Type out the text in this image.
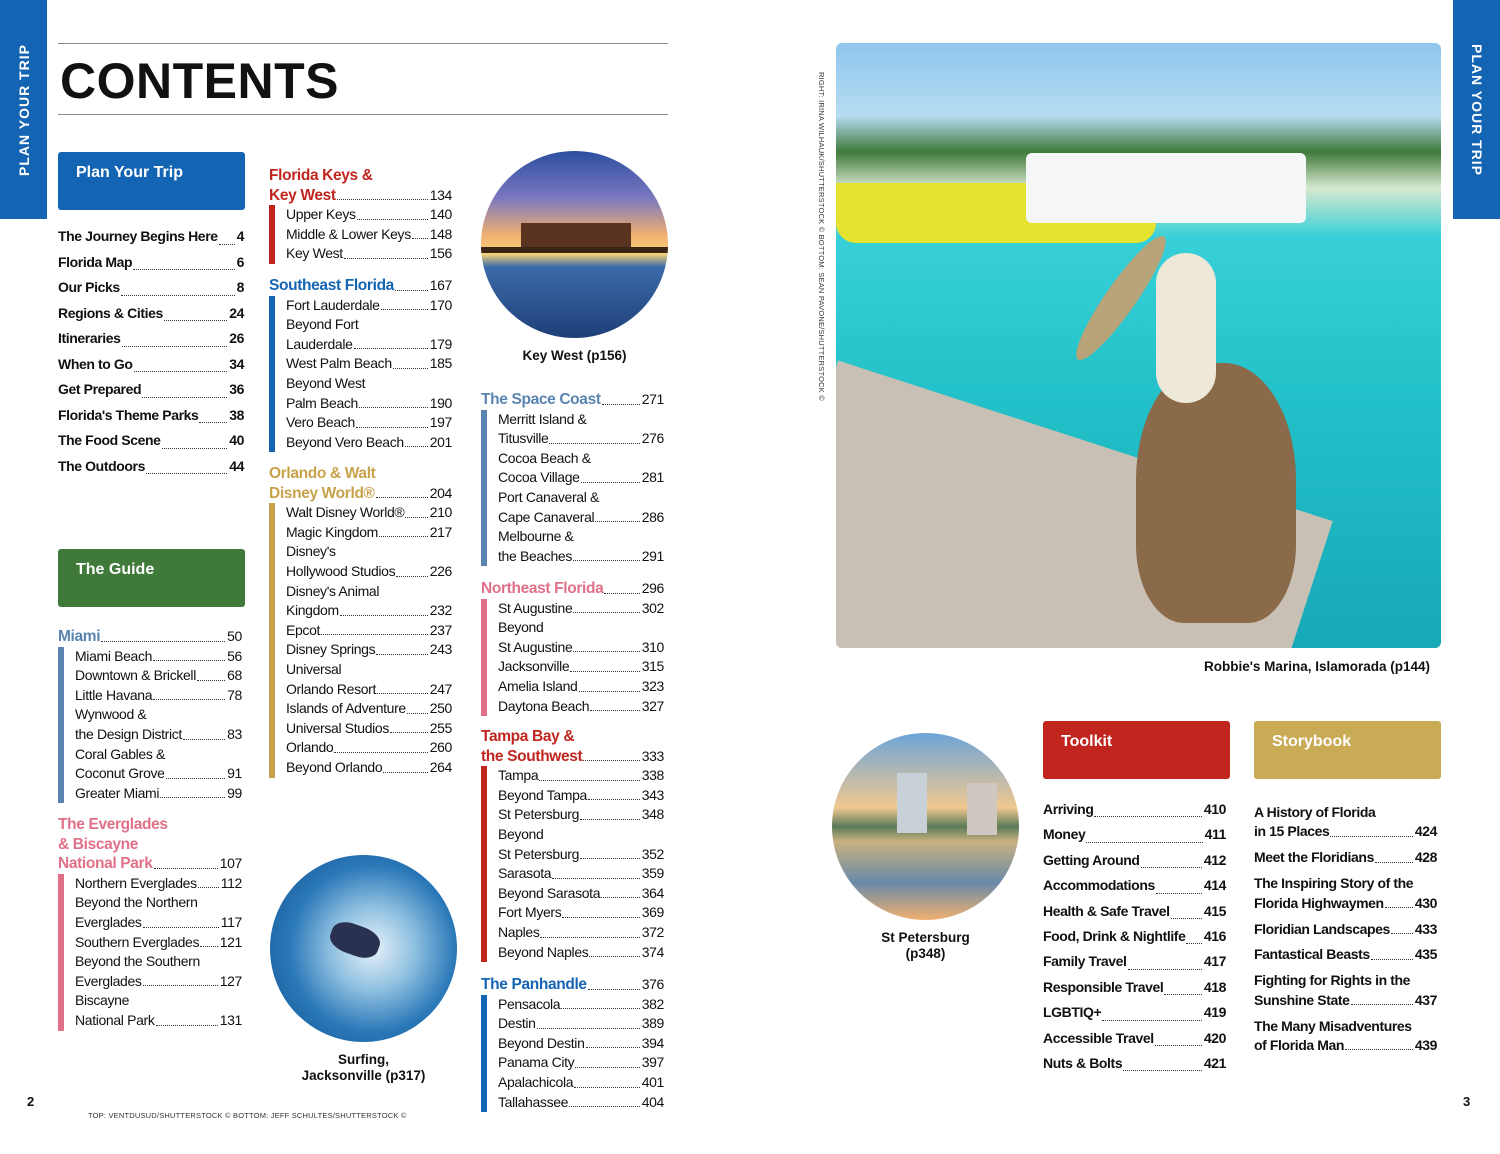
PLAN YOUR TRIP	PLAN YOUR TRIP
CONTENTS
Plan Your Trip
The Journey Begins Here 4
Florida Map	6
Our Picks	8
Regions & Cities	24
Itineraries	26
When to Go	34
Get Prepared	36
Florida's Theme Parks 38
The Food Scene	40
The Outdoors	44
The Guide
Miami	50
Miami Beach	56
Downtown & Brickell 68
Little Havana	78
Wynwood &
the Design District	83
Coral Gables &
Coconut Grove	91
Greater Miami	99
The Everglades
& Biscayne
National Park	107
Northern Everglades 112
Beyond the Northern
Everglades	117
Southern Everglades 121
Beyond the Southern
Everglades	127
Biscayne
National Park	131
Florida Keys &
Key West	134
Upper Keys	140
Middle & Lower Keys 148
Key West	156
Southeast Florida	167
Fort Lauderdale	170
Beyond Fort
Lauderdale	179
West Palm Beach	185
Beyond West
Palm Beach	190
Vero Beach	197
Beyond Vero Beach 201
Orlando & Walt
Disney World®	204
Walt Disney World® 210
Magic Kingdom	217
Disney's
Hollywood Studios 226
Disney's Animal
Kingdom	232
Epcot	237
Disney Springs	243
Universal
Orlando Resort	247
Islands of Adventure 250
Universal Studios	255
Orlando	260
Beyond Orlando	264
The Space Coast	271
Merritt Island &
Titusville	276
Cocoa Beach &
Cocoa Village	281
Port Canaveral &
Cape Canaveral	286
Melbourne &
the Beaches	291
Northeast Florida	296
St Augustine	302
Beyond
St Augustine	310
Jacksonville	315
Amelia Island	323
Daytona Beach	327
Tampa Bay &
the Southwest	333
Tampa	338
Beyond Tampa	343
St Petersburg	348
Beyond
St Petersburg	352
Sarasota	359
Beyond Sarasota	364
Fort Myers	369
Naples	372
Beyond Naples	374
The Panhandle	376
Pensacola	382
Destin	389
Beyond Destin	394
Panama City	397
Apalachicola	401
Tallahassee	404
Key West (p156)
Surfing,
Jacksonville (p317)
TOP: VENTDUSUD/SHUTTERSTOCK © BOTTOM: JEFF SCHULTES/SHUTTERSTOCK ©
RIGHT: IRINA WILHAUK/SHUTTERSTOCK © BOTTOM: SEAN PAVONE/SHUTTERSTOCK ©
Robbie's Marina, Islamorada (p144)
St Petersburg
(p348)
Toolkit
Arriving	410
Money	411
Getting Around	412
Accommodations	414
Health & Safe Travel 415
Food, Drink & Nightlife 416
Family Travel	417
Responsible Travel	418
LGBTIQ+	419
Accessible Travel	420
Nuts & Bolts	421
Storybook
A History of Florida
in 15 Places	424
Meet the Floridians	428
The Inspiring Story of the
Florida Highwaymen 430
Floridian Landscapes 433
Fantastical Beasts	435
Fighting for Rights in the
Sunshine State	437
The Many Misadventures
of Florida Man	439
2	3
